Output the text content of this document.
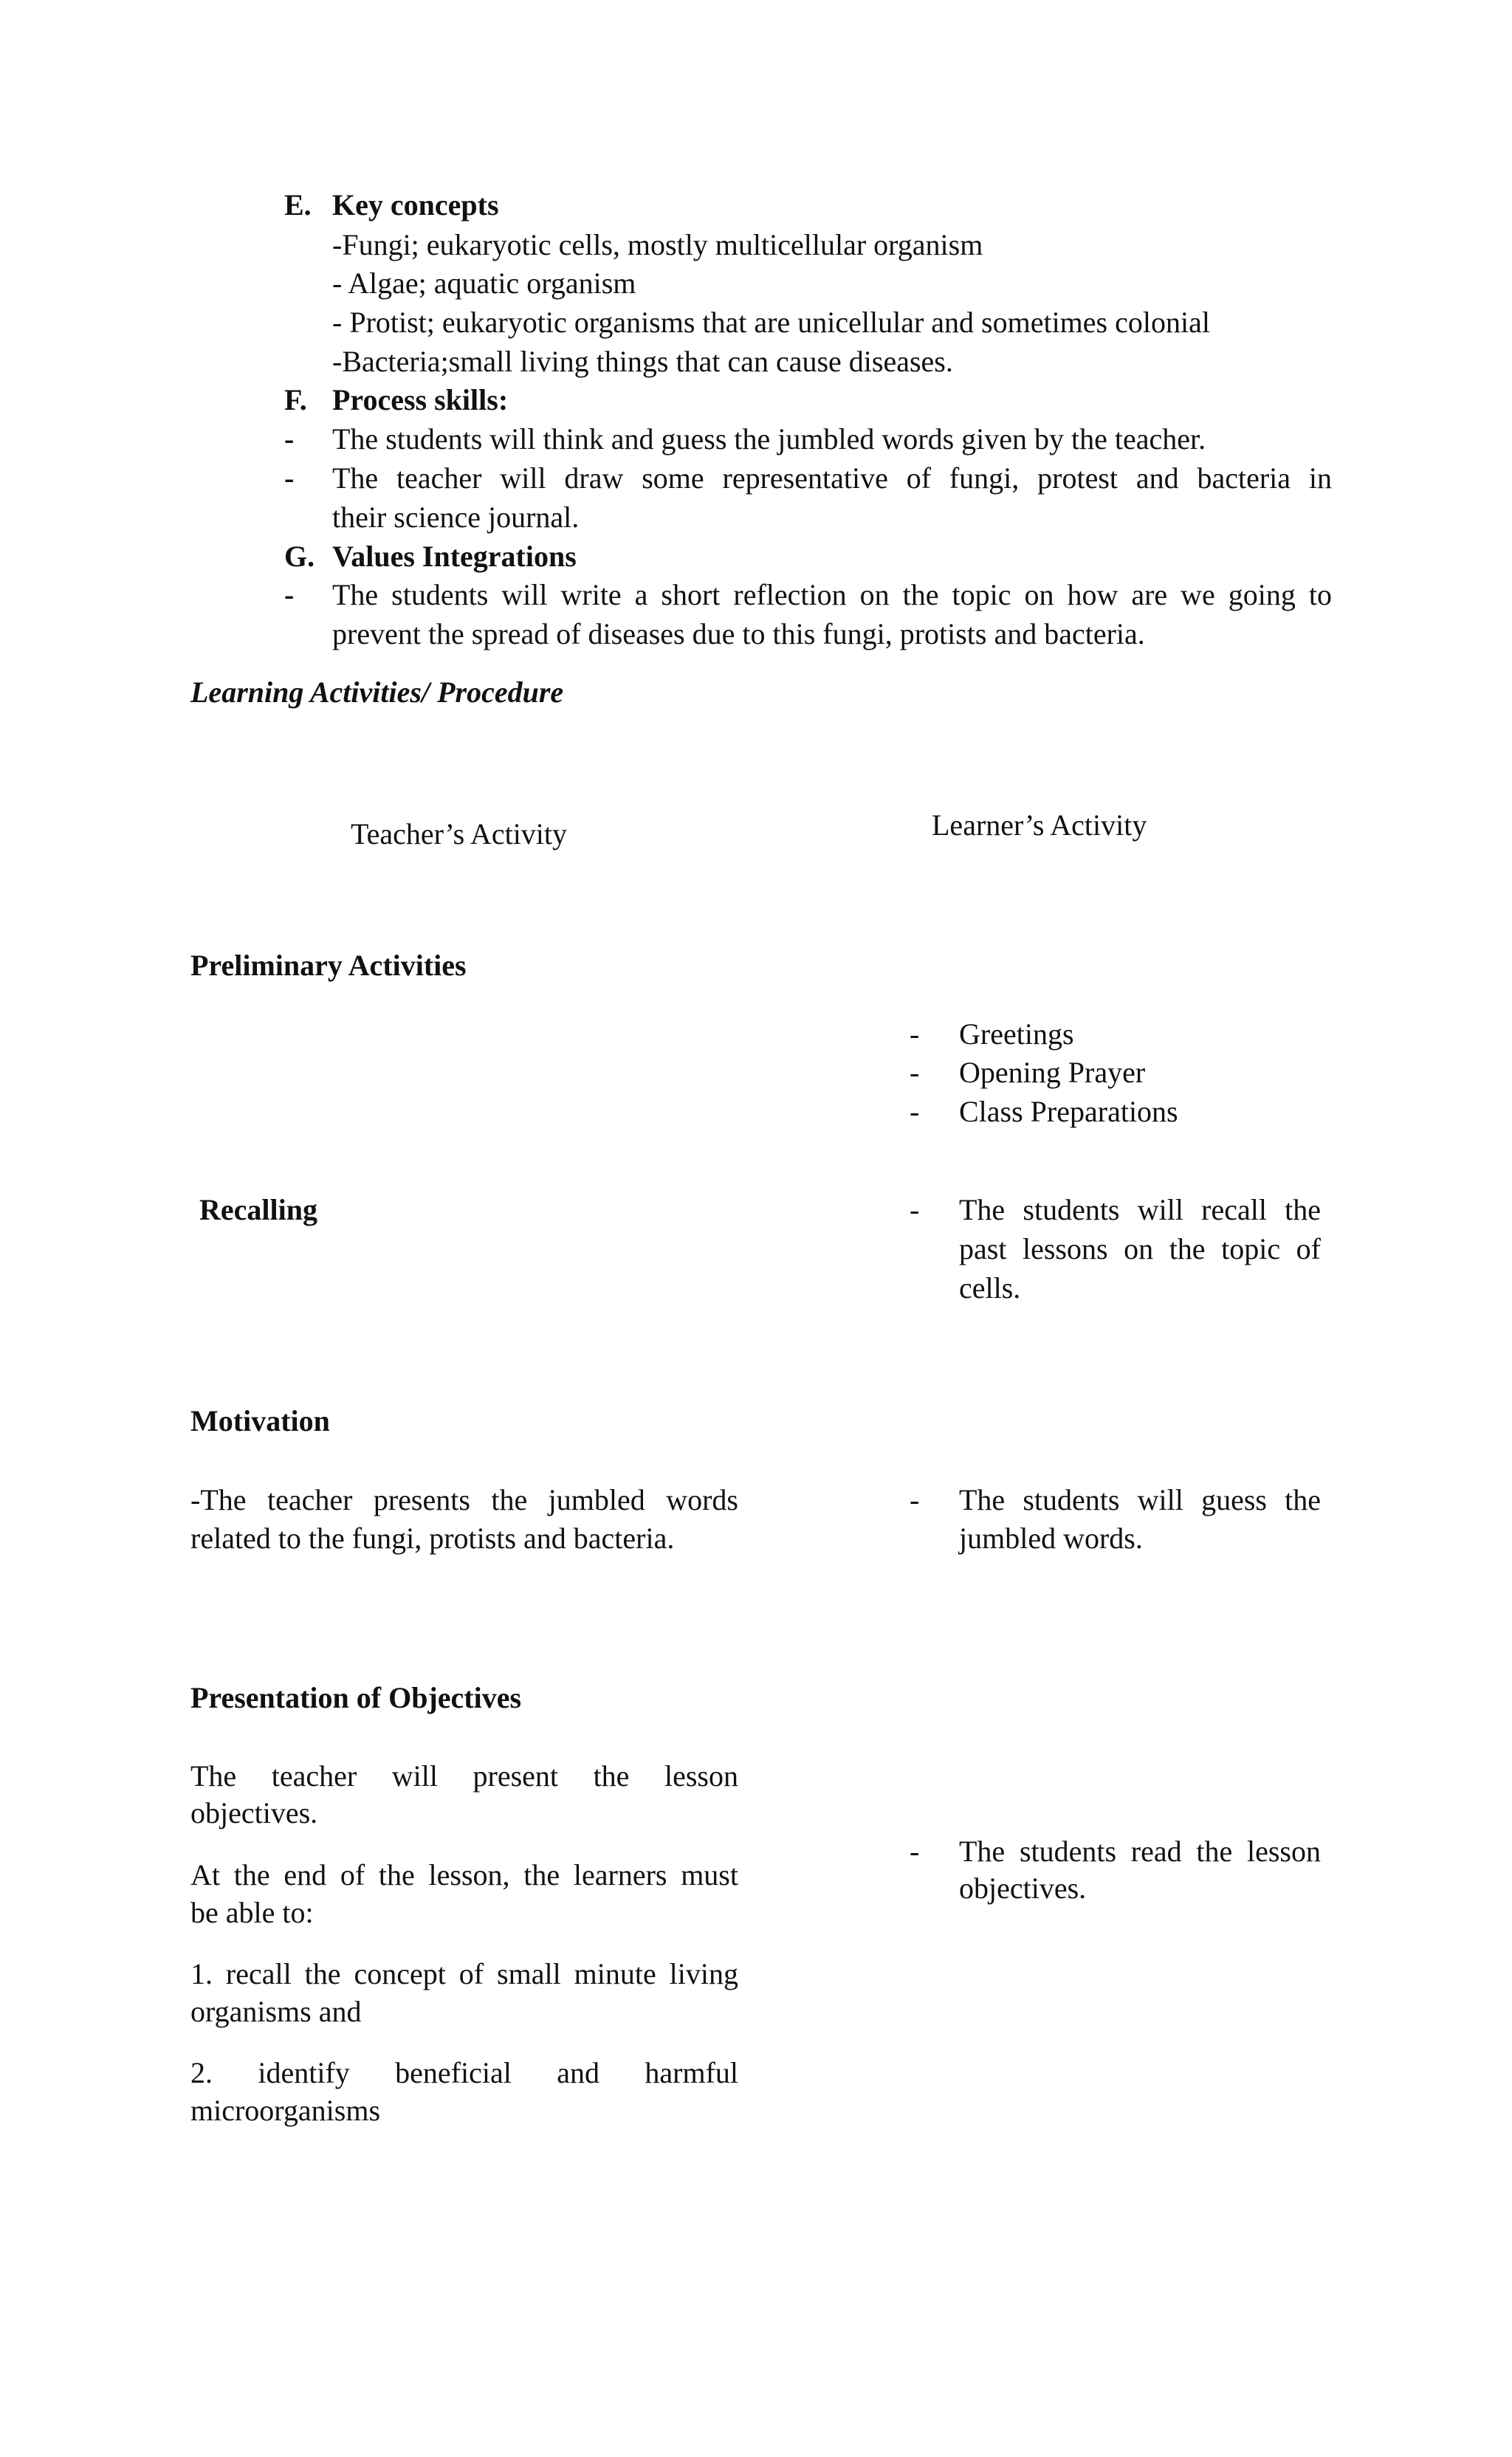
E. Key concepts
-Fungi; eukaryotic cells, mostly multicellular organism
- Algae; aquatic organism
- Protist; eukaryotic organisms that are unicellular and sometimes colonial
-Bacteria;small living things that can cause diseases.
F. Process skills:
- The students will think and guess the jumbled words given by the teacher.
- The teacher will draw some representative of fungi, protest and bacteria in
their science journal.
G. Values Integrations
- The students will write a short reflection on the topic on how are we going to
prevent the spread of diseases due to this fungi, protists and bacteria.
Learning Activities/ Procedure
Teacher’s Activity	Learner’s Activity
Preliminary Activities
- Greetings
- Opening Prayer
- Class Preparations
Recalling	- The students will recall the
past lessons on the topic of
cells.
Motivation
-The teacher presents the jumbled words
related to the fungi, protists and bacteria.
- The students will guess the
jumbled words.
Presentation of Objectives
The teacher will present the lesson
objectives.
At the end of the lesson, the learners must
be able to:
1. recall the concept of small minute living
organisms and
2. identify beneficial and harmful
microorganisms
- The students read the lesson
objectives.
